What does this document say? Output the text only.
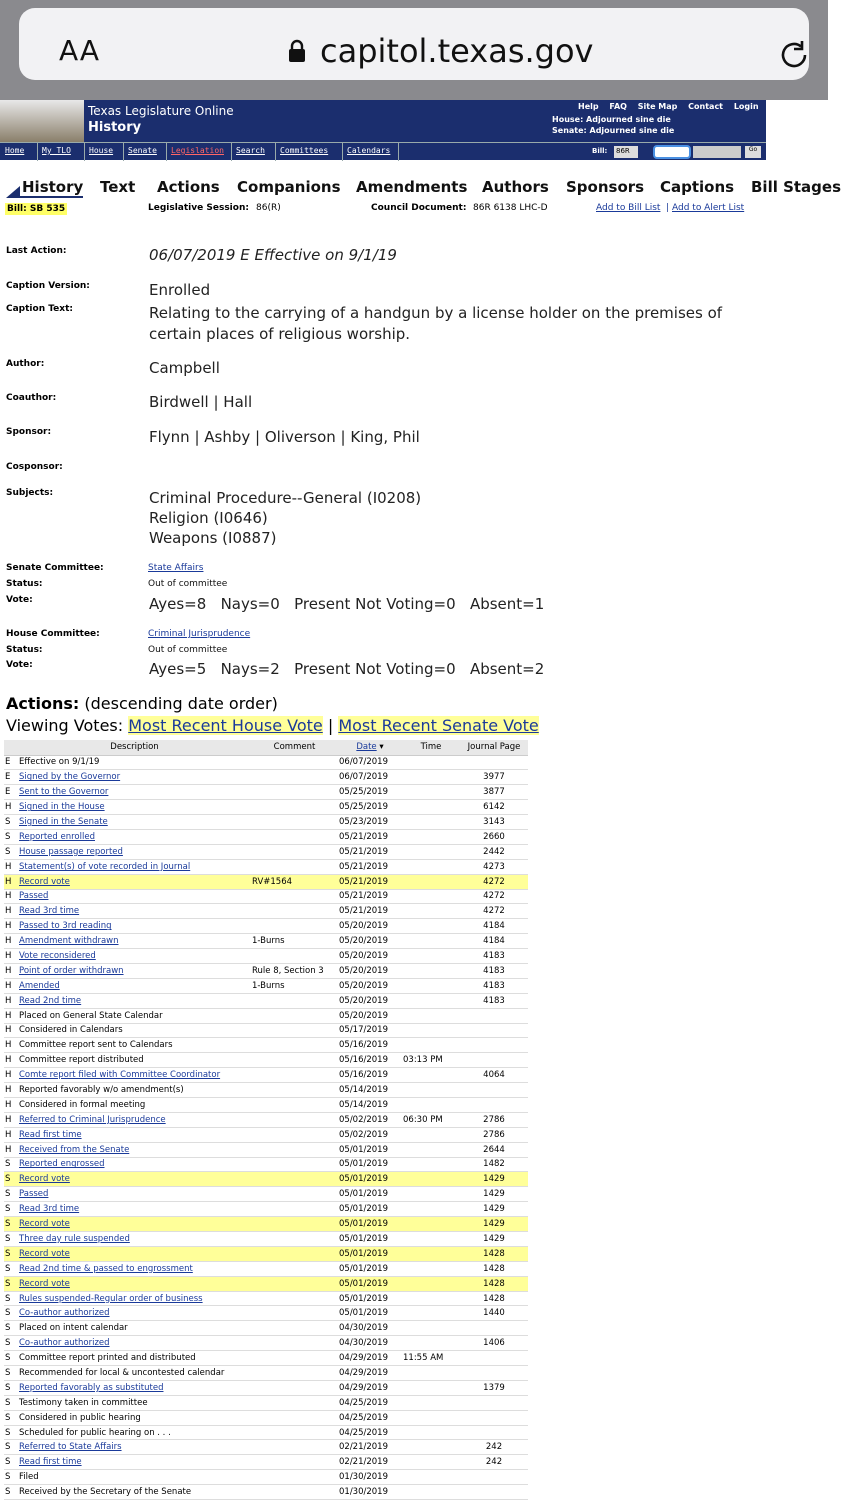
AA	capitol.texas.gov
Texas Legislature Online
History
Help FAQ Site Map Contact Login
House: Adjourned sine die
Senate: Adjourned sine die
Home My TLO House Senate Legislation Search Committees Calendars	Bill: 86R	Go
History Text Actions Companions Amendments Authors Sponsors Captions Bill Stages
Bill: SB 535	Legislative Session: 86(R)	Council Document: 86R 6138 LHC-D	Add to Bill List | Add to Alert List
Last Action:	06/07/2019 E Effective on 9/1/19
Caption Version:	Enrolled
Caption Text:	Relating to the carrying of a handgun by a license holder on the premises of certain places of religious worship.
Author:	Campbell
Coauthor:	Birdwell | Hall
Sponsor:	Flynn | Ashby | Oliverson | King, Phil
Cosponsor:
Subjects:	Criminal Procedure--General (I0208)
Religion (I0646)
Weapons (I0887)
Senate Committee:	State Affairs
Status:	Out of committee
Vote:	Ayes=8   Nays=0   Present Not Voting=0   Absent=1
House Committee:	Criminal Jurisprudence
Status:	Out of committee
Vote:	Ayes=5   Nays=2   Present Not Voting=0   Absent=2
Actions: (descending date order)
Viewing Votes: Most Recent House Vote | Most Recent Senate Vote
	Description	Comment	Date ▾	Time	Journal Page
E	Effective on 9/1/19		06/07/2019		
E	Signed by the Governor		06/07/2019		3977
E	Sent to the Governor		05/25/2019		3877
H	Signed in the House		05/25/2019		6142
S	Signed in the Senate		05/23/2019		3143
S	Reported enrolled		05/21/2019		2660
S	House passage reported		05/21/2019		2442
H	Statement(s) of vote recorded in Journal		05/21/2019		4273
H	Record vote	RV#1564	05/21/2019		4272
H	Passed		05/21/2019		4272
H	Read 3rd time		05/21/2019		4272
H	Passed to 3rd reading		05/20/2019		4184
H	Amendment withdrawn	1-Burns	05/20/2019		4184
H	Vote reconsidered		05/20/2019		4183
H	Point of order withdrawn	Rule 8, Section 3	05/20/2019		4183
H	Amended	1-Burns	05/20/2019		4183
H	Read 2nd time		05/20/2019		4183
H	Placed on General State Calendar		05/20/2019		
H	Considered in Calendars		05/17/2019		
H	Committee report sent to Calendars		05/16/2019		
H	Committee report distributed		05/16/2019	03:13 PM	
H	Comte report filed with Committee Coordinator		05/16/2019		4064
H	Reported favorably w/o amendment(s)		05/14/2019		
H	Considered in formal meeting		05/14/2019		
H	Referred to Criminal Jurisprudence		05/02/2019	06:30 PM	2786
H	Read first time		05/02/2019		2786
H	Received from the Senate		05/01/2019		2644
S	Reported engrossed		05/01/2019		1482
S	Record vote		05/01/2019		1429
S	Passed		05/01/2019		1429
S	Read 3rd time		05/01/2019		1429
S	Record vote		05/01/2019		1429
S	Three day rule suspended		05/01/2019		1429
S	Record vote		05/01/2019		1428
S	Read 2nd time & passed to engrossment		05/01/2019		1428
S	Record vote		05/01/2019		1428
S	Rules suspended-Regular order of business		05/01/2019		1428
S	Co-author authorized		05/01/2019		1440
S	Placed on intent calendar		04/30/2019		
S	Co-author authorized		04/30/2019		1406
S	Committee report printed and distributed		04/29/2019	11:55 AM	
S	Recommended for local & uncontested calendar		04/29/2019		
S	Reported favorably as substituted		04/29/2019		1379
S	Testimony taken in committee		04/25/2019		
S	Considered in public hearing		04/25/2019		
S	Scheduled for public hearing on . . .		04/25/2019		
S	Referred to State Affairs		02/21/2019		242
S	Read first time		02/21/2019		242
S	Filed		01/30/2019		
S	Received by the Secretary of the Senate		01/30/2019		
